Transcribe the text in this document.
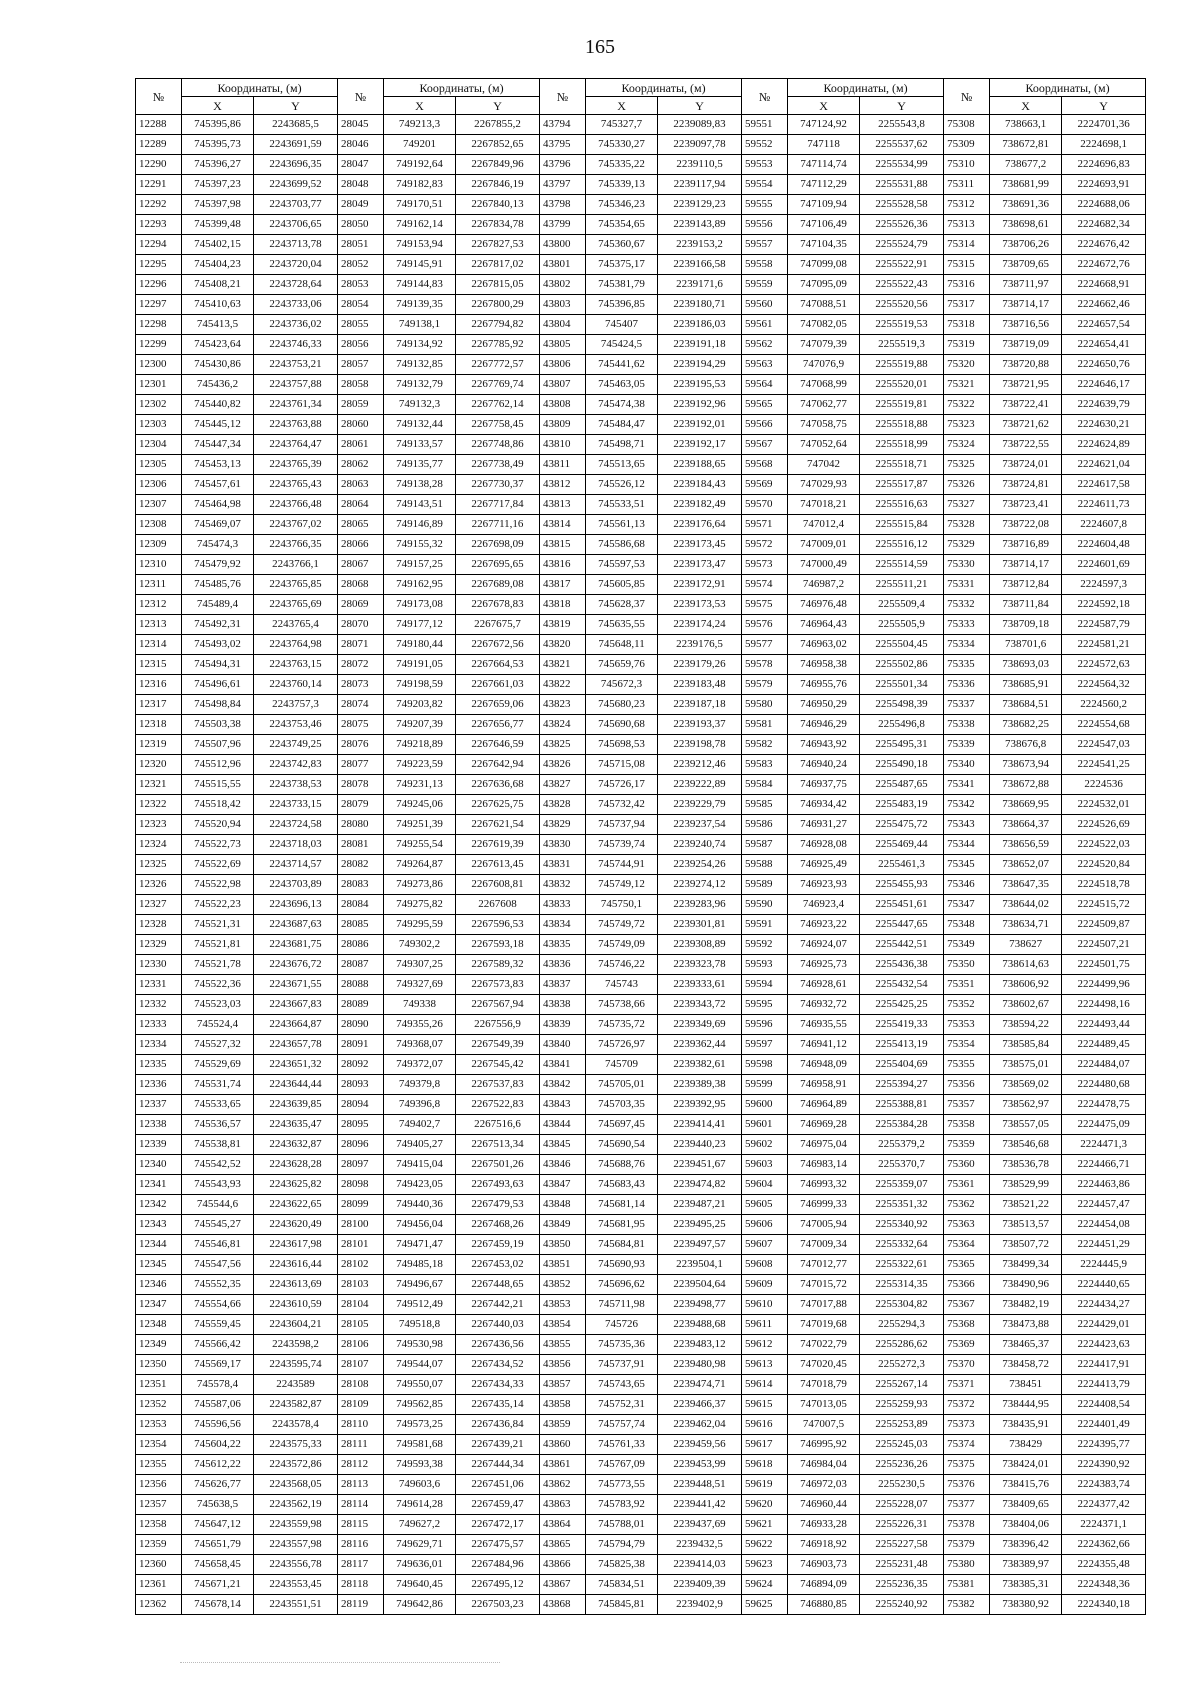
165
№	Координаты, (м)		№	Координаты, (м)		№	Координаты, (м)		№	Координаты, (м)		№	Координаты, (м)	
	X	Y		X	Y		X	Y		X	Y		X	Y
12288	745395,86	2243685,5	28045	749213,3	2267855,2	43794	745327,7	2239089,83	59551	747124,92	2255543,8	75308	738663,1	2224701,36
12289	745395,73	2243691,59	28046	749201	2267852,65	43795	745330,27	2239097,78	59552	747118	2255537,62	75309	738672,81	2224698,1
12290	745396,27	2243696,35	28047	749192,64	2267849,96	43796	745335,22	2239110,5	59553	747114,74	2255534,99	75310	738677,2	2224696,83
12291	745397,23	2243699,52	28048	749182,83	2267846,19	43797	745339,13	2239117,94	59554	747112,29	2255531,88	75311	738681,99	2224693,91
12292	745397,98	2243703,77	28049	749170,51	2267840,13	43798	745346,23	2239129,23	59555	747109,94	2255528,58	75312	738691,36	2224688,06
12293	745399,48	2243706,65	28050	749162,14	2267834,78	43799	745354,65	2239143,89	59556	747106,49	2255526,36	75313	738698,61	2224682,34
12294	745402,15	2243713,78	28051	749153,94	2267827,53	43800	745360,67	2239153,2	59557	747104,35	2255524,79	75314	738706,26	2224676,42
12295	745404,23	2243720,04	28052	749145,91	2267817,02	43801	745375,17	2239166,58	59558	747099,08	2255522,91	75315	738709,65	2224672,76
12296	745408,21	2243728,64	28053	749144,83	2267815,05	43802	745381,79	2239171,6	59559	747095,09	2255522,43	75316	738711,97	2224668,91
12297	745410,63	2243733,06	28054	749139,35	2267800,29	43803	745396,85	2239180,71	59560	747088,51	2255520,56	75317	738714,17	2224662,46
12298	745413,5	2243736,02	28055	749138,1	2267794,82	43804	745407	2239186,03	59561	747082,05	2255519,53	75318	738716,56	2224657,54
12299	745423,64	2243746,33	28056	749134,92	2267785,92	43805	745424,5	2239191,18	59562	747079,39	2255519,3	75319	738719,09	2224654,41
12300	745430,86	2243753,21	28057	749132,85	2267772,57	43806	745441,62	2239194,29	59563	747076,9	2255519,88	75320	738720,88	2224650,76
12301	745436,2	2243757,88	28058	749132,79	2267769,74	43807	745463,05	2239195,53	59564	747068,99	2255520,01	75321	738721,95	2224646,17
12302	745440,82	2243761,34	28059	749132,3	2267762,14	43808	745474,38	2239192,96	59565	747062,77	2255519,81	75322	738722,41	2224639,79
12303	745445,12	2243763,88	28060	749132,44	2267758,45	43809	745484,47	2239192,01	59566	747058,75	2255518,88	75323	738721,62	2224630,21
12304	745447,34	2243764,47	28061	749133,57	2267748,86	43810	745498,71	2239192,17	59567	747052,64	2255518,99	75324	738722,55	2224624,89
12305	745453,13	2243765,39	28062	749135,77	2267738,49	43811	745513,65	2239188,65	59568	747042	2255518,71	75325	738724,01	2224621,04
12306	745457,61	2243765,43	28063	749138,28	2267730,37	43812	745526,12	2239184,43	59569	747029,93	2255517,87	75326	738724,81	2224617,58
12307	745464,98	2243766,48	28064	749143,51	2267717,84	43813	745533,51	2239182,49	59570	747018,21	2255516,63	75327	738723,41	2224611,73
12308	745469,07	2243767,02	28065	749146,89	2267711,16	43814	745561,13	2239176,64	59571	747012,4	2255515,84	75328	738722,08	2224607,8
12309	745474,3	2243766,35	28066	749155,32	2267698,09	43815	745586,68	2239173,45	59572	747009,01	2255516,12	75329	738716,89	2224604,48
12310	745479,92	2243766,1	28067	749157,25	2267695,65	43816	745597,53	2239173,47	59573	747000,49	2255514,59	75330	738714,17	2224601,69
12311	745485,76	2243765,85	28068	749162,95	2267689,08	43817	745605,85	2239172,91	59574	746987,2	2255511,21	75331	738712,84	2224597,3
12312	745489,4	2243765,69	28069	749173,08	2267678,83	43818	745628,37	2239173,53	59575	746976,48	2255509,4	75332	738711,84	2224592,18
12313	745492,31	2243765,4	28070	749177,12	2267675,7	43819	745635,55	2239174,24	59576	746964,43	2255505,9	75333	738709,18	2224587,79
12314	745493,02	2243764,98	28071	749180,44	2267672,56	43820	745648,11	2239176,5	59577	746963,02	2255504,45	75334	738701,6	2224581,21
12315	745494,31	2243763,15	28072	749191,05	2267664,53	43821	745659,76	2239179,26	59578	746958,38	2255502,86	75335	738693,03	2224572,63
12316	745496,61	2243760,14	28073	749198,59	2267661,03	43822	745672,3	2239183,48	59579	746955,76	2255501,34	75336	738685,91	2224564,32
12317	745498,84	2243757,3	28074	749203,82	2267659,06	43823	745680,23	2239187,18	59580	746950,29	2255498,39	75337	738684,51	2224560,2
12318	745503,38	2243753,46	28075	749207,39	2267656,77	43824	745690,68	2239193,37	59581	746946,29	2255496,8	75338	738682,25	2224554,68
12319	745507,96	2243749,25	28076	749218,89	2267646,59	43825	745698,53	2239198,78	59582	746943,92	2255495,31	75339	738676,8	2224547,03
12320	745512,96	2243742,83	28077	749223,59	2267642,94	43826	745715,08	2239212,46	59583	746940,24	2255490,18	75340	738673,94	2224541,25
12321	745515,55	2243738,53	28078	749231,13	2267636,68	43827	745726,17	2239222,89	59584	746937,75	2255487,65	75341	738672,88	2224536
12322	745518,42	2243733,15	28079	749245,06	2267625,75	43828	745732,42	2239229,79	59585	746934,42	2255483,19	75342	738669,95	2224532,01
12323	745520,94	2243724,58	28080	749251,39	2267621,54	43829	745737,94	2239237,54	59586	746931,27	2255475,72	75343	738664,37	2224526,69
12324	745522,73	2243718,03	28081	749255,54	2267619,39	43830	745739,74	2239240,74	59587	746928,08	2255469,44	75344	738656,59	2224522,03
12325	745522,69	2243714,57	28082	749264,87	2267613,45	43831	745744,91	2239254,26	59588	746925,49	2255461,3	75345	738652,07	2224520,84
12326	745522,98	2243703,89	28083	749273,86	2267608,81	43832	745749,12	2239274,12	59589	746923,93	2255455,93	75346	738647,35	2224518,78
12327	745522,23	2243696,13	28084	749275,82	2267608	43833	745750,1	2239283,96	59590	746923,4	2255451,61	75347	738644,02	2224515,72
12328	745521,31	2243687,63	28085	749295,59	2267596,53	43834	745749,72	2239301,81	59591	746923,22	2255447,65	75348	738634,71	2224509,87
12329	745521,81	2243681,75	28086	749302,2	2267593,18	43835	745749,09	2239308,89	59592	746924,07	2255442,51	75349	738627	2224507,21
12330	745521,78	2243676,72	28087	749307,25	2267589,32	43836	745746,22	2239323,78	59593	746925,73	2255436,38	75350	738614,63	2224501,75
12331	745522,36	2243671,55	28088	749327,69	2267573,83	43837	745743	2239333,61	59594	746928,61	2255432,54	75351	738606,92	2224499,96
12332	745523,03	2243667,83	28089	749338	2267567,94	43838	745738,66	2239343,72	59595	746932,72	2255425,25	75352	738602,67	2224498,16
12333	745524,4	2243664,87	28090	749355,26	2267556,9	43839	745735,72	2239349,69	59596	746935,55	2255419,33	75353	738594,22	2224493,44
12334	745527,32	2243657,78	28091	749368,07	2267549,39	43840	745726,97	2239362,44	59597	746941,12	2255413,19	75354	738585,84	2224489,45
12335	745529,69	2243651,32	28092	749372,07	2267545,42	43841	745709	2239382,61	59598	746948,09	2255404,69	75355	738575,01	2224484,07
12336	745531,74	2243644,44	28093	749379,8	2267537,83	43842	745705,01	2239389,38	59599	746958,91	2255394,27	75356	738569,02	2224480,68
12337	745533,65	2243639,85	28094	749396,8	2267522,83	43843	745703,35	2239392,95	59600	746964,89	2255388,81	75357	738562,97	2224478,75
12338	745536,57	2243635,47	28095	749402,7	2267516,6	43844	745697,45	2239414,41	59601	746969,28	2255384,28	75358	738557,05	2224475,09
12339	745538,81	2243632,87	28096	749405,27	2267513,34	43845	745690,54	2239440,23	59602	746975,04	2255379,2	75359	738546,68	2224471,3
12340	745542,52	2243628,28	28097	749415,04	2267501,26	43846	745688,76	2239451,67	59603	746983,14	2255370,7	75360	738536,78	2224466,71
12341	745543,93	2243625,82	28098	749423,05	2267493,63	43847	745683,43	2239474,82	59604	746993,32	2255359,07	75361	738529,99	2224463,86
12342	745544,6	2243622,65	28099	749440,36	2267479,53	43848	745681,14	2239487,21	59605	746999,33	2255351,32	75362	738521,22	2224457,47
12343	745545,27	2243620,49	28100	749456,04	2267468,26	43849	745681,95	2239495,25	59606	747005,94	2255340,92	75363	738513,57	2224454,08
12344	745546,81	2243617,98	28101	749471,47	2267459,19	43850	745684,81	2239497,57	59607	747009,34	2255332,64	75364	738507,72	2224451,29
12345	745547,56	2243616,44	28102	749485,18	2267453,02	43851	745690,93	2239504,1	59608	747012,77	2255322,61	75365	738499,34	2224445,9
12346	745552,35	2243613,69	28103	749496,67	2267448,65	43852	745696,62	2239504,64	59609	747015,72	2255314,35	75366	738490,96	2224440,65
12347	745554,66	2243610,59	28104	749512,49	2267442,21	43853	745711,98	2239498,77	59610	747017,88	2255304,82	75367	738482,19	2224434,27
12348	745559,45	2243604,21	28105	749518,8	2267440,03	43854	745726	2239488,68	59611	747019,68	2255294,3	75368	738473,88	2224429,01
12349	745566,42	2243598,2	28106	749530,98	2267436,56	43855	745735,36	2239483,12	59612	747022,79	2255286,62	75369	738465,37	2224423,63
12350	745569,17	2243595,74	28107	749544,07	2267434,52	43856	745737,91	2239480,98	59613	747020,45	2255272,3	75370	738458,72	2224417,91
12351	745578,4	2243589	28108	749550,07	2267434,33	43857	745743,65	2239474,71	59614	747018,79	2255267,14	75371	738451	2224413,79
12352	745587,06	2243582,87	28109	749562,85	2267435,14	43858	745752,31	2239466,37	59615	747013,05	2255259,93	75372	738444,95	2224408,54
12353	745596,56	2243578,4	28110	749573,25	2267436,84	43859	745757,74	2239462,04	59616	747007,5	2255253,89	75373	738435,91	2224401,49
12354	745604,22	2243575,33	28111	749581,68	2267439,21	43860	745761,33	2239459,56	59617	746995,92	2255245,03	75374	738429	2224395,77
12355	745612,22	2243572,86	28112	749593,38	2267444,34	43861	745767,09	2239453,99	59618	746984,04	2255236,26	75375	738424,01	2224390,92
12356	745626,77	2243568,05	28113	749603,6	2267451,06	43862	745773,55	2239448,51	59619	746972,03	2255230,5	75376	738415,76	2224383,74
12357	745638,5	2243562,19	28114	749614,28	2267459,47	43863	745783,92	2239441,42	59620	746960,44	2255228,07	75377	738409,65	2224377,42
12358	745647,12	2243559,98	28115	749627,2	2267472,17	43864	745788,01	2239437,69	59621	746933,28	2255226,31	75378	738404,06	2224371,1
12359	745651,79	2243557,98	28116	749629,71	2267475,57	43865	745794,79	2239432,5	59622	746918,92	2255227,58	75379	738396,42	2224362,66
12360	745658,45	2243556,78	28117	749636,01	2267484,96	43866	745825,38	2239414,03	59623	746903,73	2255231,48	75380	738389,97	2224355,48
12361	745671,21	2243553,45	28118	749640,45	2267495,12	43867	745834,51	2239409,39	59624	746894,09	2255236,35	75381	738385,31	2224348,36
12362	745678,14	2243551,51	28119	749642,86	2267503,23	43868	745845,81	2239402,9	59625	746880,85	2255240,92	75382	738380,92	2224340,18
